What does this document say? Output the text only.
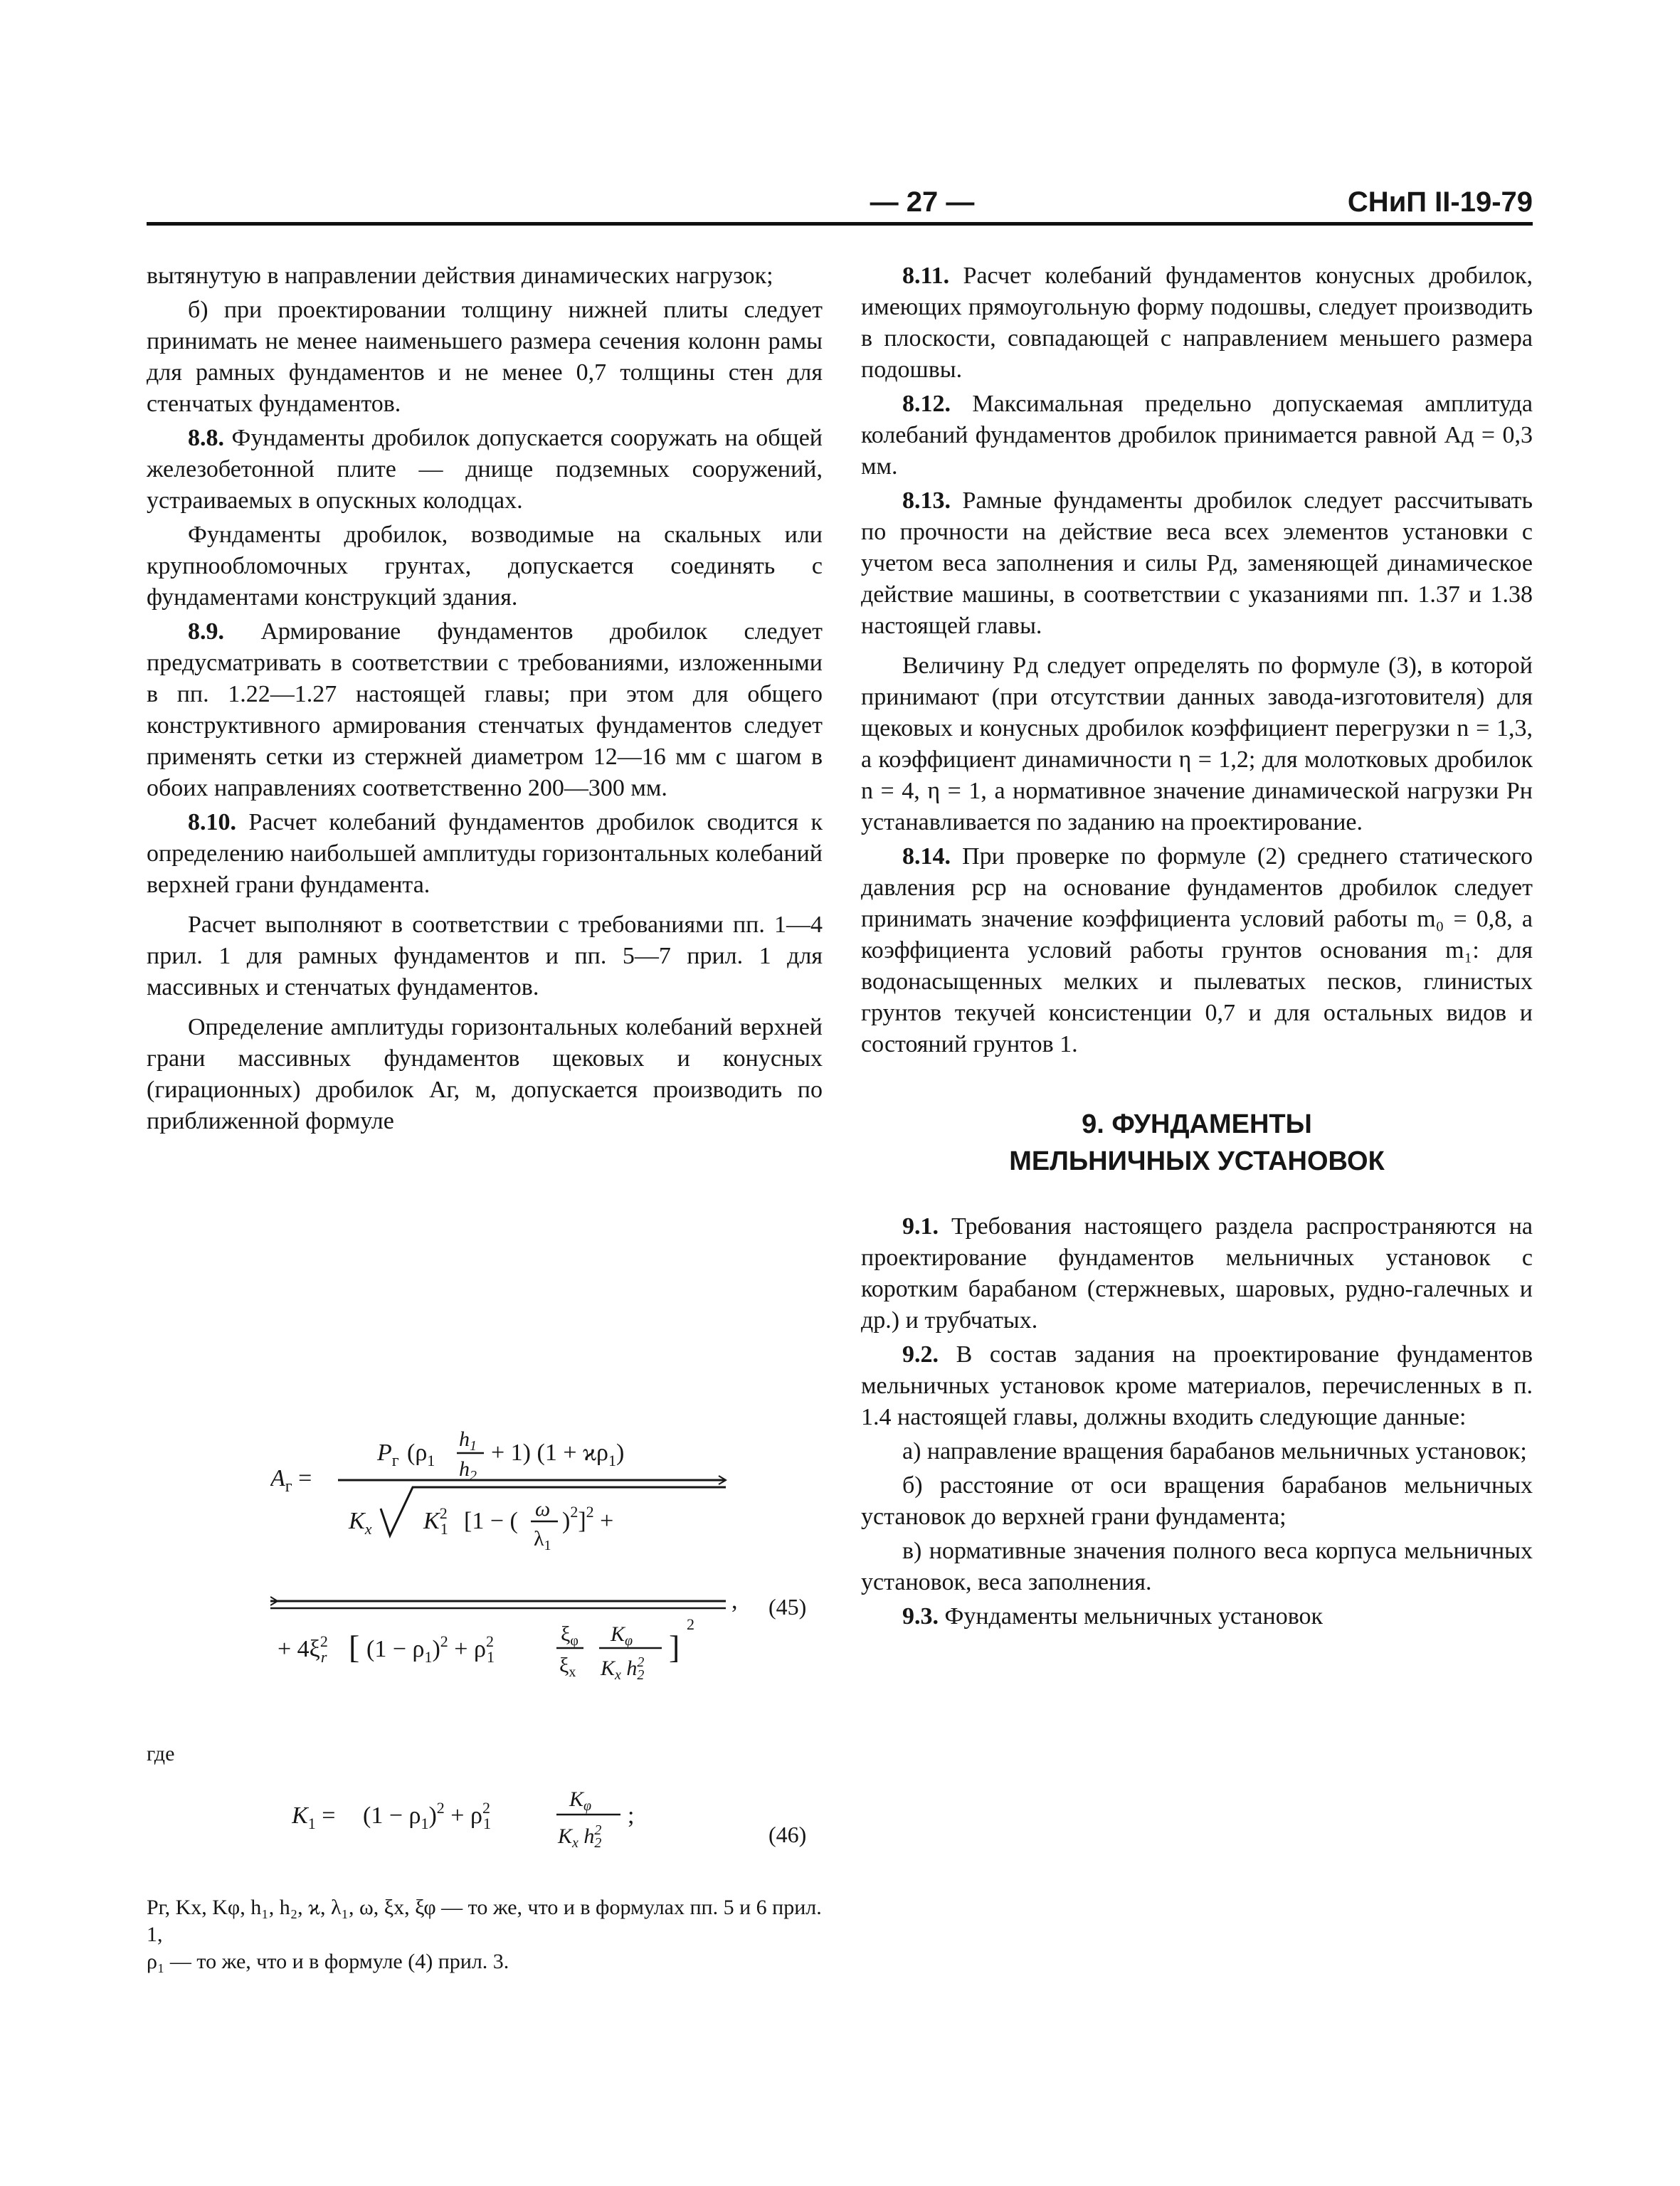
— 27 —	СНиП II-19-79

вытянутую в направлении действия динамических нагрузок;

б) при проектировании толщину нижней плиты следует принимать не менее наименьшего размера сечения колонн рамы для рамных фундаментов и не менее 0,7 толщины стен для стенчатых фундаментов.

8.8. Фундаменты дробилок допускается сооружать на общей железобетонной плите — днище подземных сооружений, устраиваемых в опускных колодцах.

Фундаменты дробилок, возводимые на скальных или крупнообломочных грунтах, допускается соединять с фундаментами конструкций здания.

8.9. Армирование фундаментов дробилок следует предусматривать в соответствии с требованиями, изложенными в пп. 1.22—1.27 настоящей главы; при этом для общего конструктивного армирования стенчатых фундаментов следует применять сетки из стержней диаметром 12—16 мм с шагом в обоих направлениях соответственно 200—300 мм.

8.10. Расчет колебаний фундаментов дробилок сводится к определению наибольшей амплитуды горизонтальных колебаний верхней грани фундамента.

Расчет выполняют в соответствии с требованиями пп. 1—4 прил. 1 для рамных фундаментов и пп. 5—7 прил. 1 для массивных и стенчатых фундаментов.

Определение амплитуды горизонтальных колебаний верхней грани массивных фундаментов щековых и конусных (гирационных) дробилок Aг, м, допускается производить по приближенной формуле

$A_г$ =
$P_г$ ($\rho_1$
$h_1$
$h_2$
+ 1) $(1 + ϰ\rho_1)$
$K_x$ $K^2$ 1 [1 − ( ω
$\lambda_1$
)$^2$]$^2$ +
+ $4\xi^2$ r [ $(1 - \rho_1)^2 + \rho^2$ 1
$\xi_\varphi$
$\xi_x$
$K_\varphi$
$K_x$ $h^2$ 2
]
2
, (45)
где
$K_1 = (1 - \rho_1)^2 + \rho^2$ 1
$K_\varphi$
$K_x$ $h^2$ 2
;
(46)

Pг, Kx, Kφ, h₁, h₂, ϰ, λ₁, ω, ξx, ξφ — то же, что и в формулах пп. 5 и 6 прил. 1,

ρ₁ — то же, что и в формуле (4) прил. 3.

8.11. Расчет колебаний фундаментов конусных дробилок, имеющих прямоугольную форму подошвы, следует производить в плоскости, совпадающей с направлением меньшего размера подошвы.

8.12. Максимальная предельно допускаемая амплитуда колебаний фундаментов дробилок принимается равной Aд = 0,3 мм.

8.13. Рамные фундаменты дробилок следует рассчитывать по прочности на действие веса всех элементов установки с учетом веса заполнения и силы Pд, заменяющей динамическое действие машины, в соответствии с указаниями пп. 1.37 и 1.38 настоящей главы.

Величину Pд следует определять по формуле (3), в которой принимают (при отсутствии данных завода-изготовителя) для щековых и конусных дробилок коэффициент перегрузки n = 1,3, а коэффициент динамичности η = 1,2; для молотковых дробилок n = 4, η = 1, а нормативное значение динамической нагрузки Pн устанавливается по заданию на проектирование.

8.14. При проверке по формуле (2) среднего статического давления pср на основание фундаментов дробилок следует принимать значение коэффициента условий работы m₀ = 0,8, а коэффициента условий работы грунтов основания m₁: для водонасыщенных мелких и пылеватых песков, глинистых грунтов текучей консистенции 0,7 и для остальных видов и состояний грунтов 1.

9. ФУНДАМЕНТЫ
МЕЛЬНИЧНЫХ УСТАНОВОК

9.1. Требования настоящего раздела распространяются на проектирование фундаментов мельничных установок с коротким барабаном (стержневых, шаровых, рудно-галечных и др.) и трубчатых.

9.2. В состав задания на проектирование фундаментов мельничных установок кроме материалов, перечисленных в п. 1.4 настоящей главы, должны входить следующие данные:

а) направление вращения барабанов мельничных установок;

б) расстояние от оси вращения барабанов мельничных установок до верхней грани фундамента;

в) нормативные значения полного веса корпуса мельничных установок, веса заполнения.

9.3. Фундаменты мельничных установок
